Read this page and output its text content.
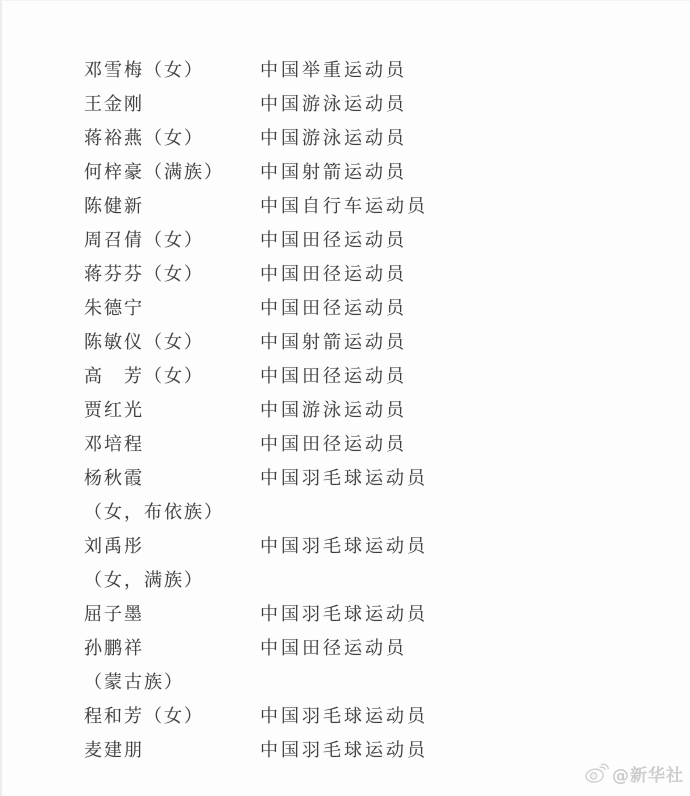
邓雪梅（女）	中国举重运动员
王金刚	中国游泳运动员
蒋裕燕（女）	中国游泳运动员
何梓豪（满族）	中国射箭运动员
陈健新	中国自行车运动员
周召倩（女）	中国田径运动员
蒋芬芬（女）	中国田径运动员
朱德宁	中国田径运动员
陈敏仪（女）	中国射箭运动员
高　芳（女）	中国田径运动员
贾红光	中国游泳运动员
邓培程	中国田径运动员
杨秋霞	中国羽毛球运动员
（女，布依族）
刘禹彤	中国羽毛球运动员
（女，满族）
屈子墨	中国羽毛球运动员
孙鹏祥	中国田径运动员
（蒙古族）
程和芳（女）	中国羽毛球运动员
麦建朋	中国羽毛球运动员
@新华社
